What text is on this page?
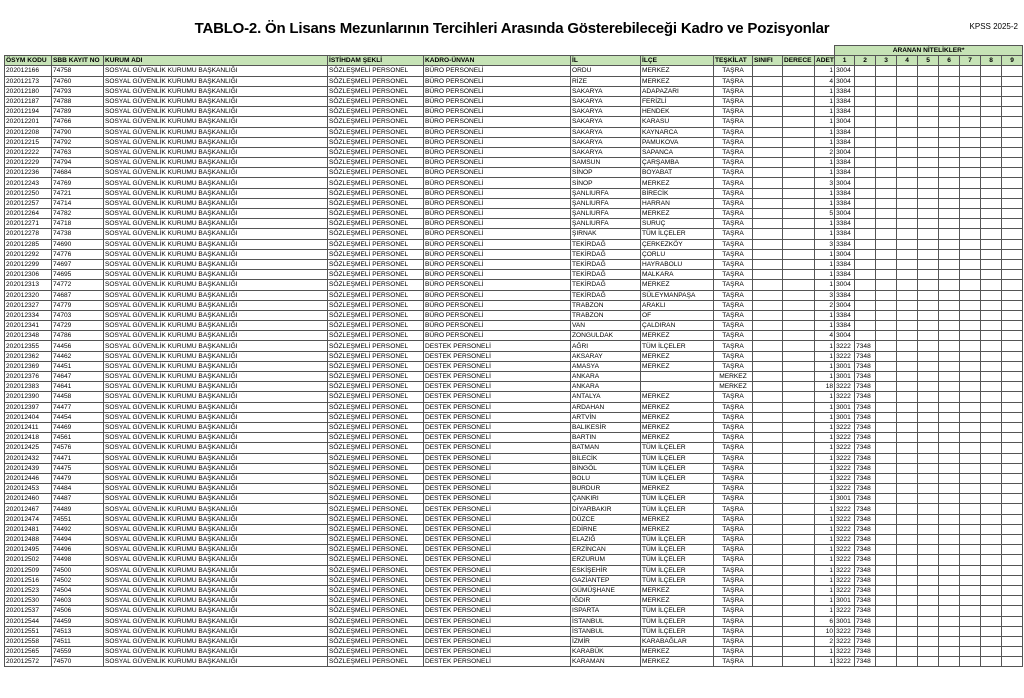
TABLO-2. Ön Lisans Mezunlarının Tercihleri Arasında Gösterebileceği Kadro ve Pozisyonlar	KPSS 2025-2
											ARANAN NİTELİKLER*								
ÖSYM KODU	SBB KAYIT NO	KURUM ADI	İSTİHDAM ŞEKLİ	KADRO-ÜNVAN	İL	İLÇE	TEŞKİLAT	SINIFI	DERECE	ADET	1	2	3	4	5	6	7	8	9
202012166	74758	SOSYAL GÜVENLİK KURUMU BAŞKANLIĞI	SÖZLEŞMELİ PERSONEL	BÜRO PERSONELİ	ORDU	MERKEZ	TAŞRA			1	3004								
202012173	74760	SOSYAL GÜVENLİK KURUMU BAŞKANLIĞI	SÖZLEŞMELİ PERSONEL	BÜRO PERSONELİ	RİZE	MERKEZ	TAŞRA			4	3004								
202012180	74793	SOSYAL GÜVENLİK KURUMU BAŞKANLIĞI	SÖZLEŞMELİ PERSONEL	BÜRO PERSONELİ	SAKARYA	ADAPAZARI	TAŞRA			1	3384								
202012187	74788	SOSYAL GÜVENLİK KURUMU BAŞKANLIĞI	SÖZLEŞMELİ PERSONEL	BÜRO PERSONELİ	SAKARYA	FERİZLİ	TAŞRA			1	3384								
202012194	74789	SOSYAL GÜVENLİK KURUMU BAŞKANLIĞI	SÖZLEŞMELİ PERSONEL	BÜRO PERSONELİ	SAKARYA	HENDEK	TAŞRA			1	3384								
202012201	74766	SOSYAL GÜVENLİK KURUMU BAŞKANLIĞI	SÖZLEŞMELİ PERSONEL	BÜRO PERSONELİ	SAKARYA	KARASU	TAŞRA			1	3004								
202012208	74790	SOSYAL GÜVENLİK KURUMU BAŞKANLIĞI	SÖZLEŞMELİ PERSONEL	BÜRO PERSONELİ	SAKARYA	KAYNARCA	TAŞRA			1	3384								
202012215	74792	SOSYAL GÜVENLİK KURUMU BAŞKANLIĞI	SÖZLEŞMELİ PERSONEL	BÜRO PERSONELİ	SAKARYA	PAMUKOVA	TAŞRA			1	3384								
202012222	74763	SOSYAL GÜVENLİK KURUMU BAŞKANLIĞI	SÖZLEŞMELİ PERSONEL	BÜRO PERSONELİ	SAKARYA	SAPANCA	TAŞRA			2	3004								
202012229	74794	SOSYAL GÜVENLİK KURUMU BAŞKANLIĞI	SÖZLEŞMELİ PERSONEL	BÜRO PERSONELİ	SAMSUN	ÇARŞAMBA	TAŞRA			1	3384								
202012236	74684	SOSYAL GÜVENLİK KURUMU BAŞKANLIĞI	SÖZLEŞMELİ PERSONEL	BÜRO PERSONELİ	SİNOP	BOYABAT	TAŞRA			1	3384								
202012243	74769	SOSYAL GÜVENLİK KURUMU BAŞKANLIĞI	SÖZLEŞMELİ PERSONEL	BÜRO PERSONELİ	SİNOP	MERKEZ	TAŞRA			3	3004								
202012250	74721	SOSYAL GÜVENLİK KURUMU BAŞKANLIĞI	SÖZLEŞMELİ PERSONEL	BÜRO PERSONELİ	ŞANLIURFA	BİRECİK	TAŞRA			1	3384								
202012257	74714	SOSYAL GÜVENLİK KURUMU BAŞKANLIĞI	SÖZLEŞMELİ PERSONEL	BÜRO PERSONELİ	ŞANLIURFA	HARRAN	TAŞRA			1	3384								
202012264	74782	SOSYAL GÜVENLİK KURUMU BAŞKANLIĞI	SÖZLEŞMELİ PERSONEL	BÜRO PERSONELİ	ŞANLIURFA	MERKEZ	TAŞRA			5	3004								
202012271	74718	SOSYAL GÜVENLİK KURUMU BAŞKANLIĞI	SÖZLEŞMELİ PERSONEL	BÜRO PERSONELİ	ŞANLIURFA	SURUÇ	TAŞRA			1	3384								
202012278	74738	SOSYAL GÜVENLİK KURUMU BAŞKANLIĞI	SÖZLEŞMELİ PERSONEL	BÜRO PERSONELİ	ŞIRNAK	TÜM İLÇELER	TAŞRA			1	3384								
202012285	74690	SOSYAL GÜVENLİK KURUMU BAŞKANLIĞI	SÖZLEŞMELİ PERSONEL	BÜRO PERSONELİ	TEKİRDAĞ	ÇERKEZKÖY	TAŞRA			3	3384								
202012292	74776	SOSYAL GÜVENLİK KURUMU BAŞKANLIĞI	SÖZLEŞMELİ PERSONEL	BÜRO PERSONELİ	TEKİRDAĞ	ÇORLU	TAŞRA			1	3004								
202012299	74697	SOSYAL GÜVENLİK KURUMU BAŞKANLIĞI	SÖZLEŞMELİ PERSONEL	BÜRO PERSONELİ	TEKİRDAĞ	HAYRABOLU	TAŞRA			1	3384								
202012306	74695	SOSYAL GÜVENLİK KURUMU BAŞKANLIĞI	SÖZLEŞMELİ PERSONEL	BÜRO PERSONELİ	TEKİRDAĞ	MALKARA	TAŞRA			1	3384								
202012313	74772	SOSYAL GÜVENLİK KURUMU BAŞKANLIĞI	SÖZLEŞMELİ PERSONEL	BÜRO PERSONELİ	TEKİRDAĞ	MERKEZ	TAŞRA			1	3004								
202012320	74687	SOSYAL GÜVENLİK KURUMU BAŞKANLIĞI	SÖZLEŞMELİ PERSONEL	BÜRO PERSONELİ	TEKİRDAĞ	SÜLEYMANPAŞA	TAŞRA			3	3384								
202012327	74779	SOSYAL GÜVENLİK KURUMU BAŞKANLIĞI	SÖZLEŞMELİ PERSONEL	BÜRO PERSONELİ	TRABZON	ARAKLI	TAŞRA			2	3004								
202012334	74703	SOSYAL GÜVENLİK KURUMU BAŞKANLIĞI	SÖZLEŞMELİ PERSONEL	BÜRO PERSONELİ	TRABZON	OF	TAŞRA			1	3384								
202012341	74729	SOSYAL GÜVENLİK KURUMU BAŞKANLIĞI	SÖZLEŞMELİ PERSONEL	BÜRO PERSONELİ	VAN	ÇALDIRAN	TAŞRA			1	3384								
202012348	74786	SOSYAL GÜVENLİK KURUMU BAŞKANLIĞI	SÖZLEŞMELİ PERSONEL	BÜRO PERSONELİ	ZONGULDAK	MERKEZ	TAŞRA			4	3004								
202012355	74456	SOSYAL GÜVENLİK KURUMU BAŞKANLIĞI	SÖZLEŞMELİ PERSONEL	DESTEK PERSONELİ	AĞRI	TÜM İLÇELER	TAŞRA			1	3222	7348							
202012362	74462	SOSYAL GÜVENLİK KURUMU BAŞKANLIĞI	SÖZLEŞMELİ PERSONEL	DESTEK PERSONELİ	AKSARAY	MERKEZ	TAŞRA			1	3222	7348							
202012369	74451	SOSYAL GÜVENLİK KURUMU BAŞKANLIĞI	SÖZLEŞMELİ PERSONEL	DESTEK PERSONELİ	AMASYA	MERKEZ	TAŞRA			1	3001	7348							
202012376	74647	SOSYAL GÜVENLİK KURUMU BAŞKANLIĞI	SÖZLEŞMELİ PERSONEL	DESTEK PERSONELİ	ANKARA		MERKEZ			1	3001	7348							
202012383	74641	SOSYAL GÜVENLİK KURUMU BAŞKANLIĞI	SÖZLEŞMELİ PERSONEL	DESTEK PERSONELİ	ANKARA		MERKEZ			18	3222	7348							
202012390	74458	SOSYAL GÜVENLİK KURUMU BAŞKANLIĞI	SÖZLEŞMELİ PERSONEL	DESTEK PERSONELİ	ANTALYA	MERKEZ	TAŞRA			1	3222	7348							
202012397	74477	SOSYAL GÜVENLİK KURUMU BAŞKANLIĞI	SÖZLEŞMELİ PERSONEL	DESTEK PERSONELİ	ARDAHAN	MERKEZ	TAŞRA			1	3001	7348							
202012404	74454	SOSYAL GÜVENLİK KURUMU BAŞKANLIĞI	SÖZLEŞMELİ PERSONEL	DESTEK PERSONELİ	ARTVİN	MERKEZ	TAŞRA			1	3001	7348							
202012411	74469	SOSYAL GÜVENLİK KURUMU BAŞKANLIĞI	SÖZLEŞMELİ PERSONEL	DESTEK PERSONELİ	BALIKESİR	MERKEZ	TAŞRA			1	3222	7348							
202012418	74561	SOSYAL GÜVENLİK KURUMU BAŞKANLIĞI	SÖZLEŞMELİ PERSONEL	DESTEK PERSONELİ	BARTIN	MERKEZ	TAŞRA			1	3222	7348							
202012425	74576	SOSYAL GÜVENLİK KURUMU BAŞKANLIĞI	SÖZLEŞMELİ PERSONEL	DESTEK PERSONELİ	BATMAN	TÜM İLÇELER	TAŞRA			1	3222	7348							
202012432	74471	SOSYAL GÜVENLİK KURUMU BAŞKANLIĞI	SÖZLEŞMELİ PERSONEL	DESTEK PERSONELİ	BİLECİK	TÜM İLÇELER	TAŞRA			1	3222	7348							
202012439	74475	SOSYAL GÜVENLİK KURUMU BAŞKANLIĞI	SÖZLEŞMELİ PERSONEL	DESTEK PERSONELİ	BİNGÖL	TÜM İLÇELER	TAŞRA			1	3222	7348							
202012446	74479	SOSYAL GÜVENLİK KURUMU BAŞKANLIĞI	SÖZLEŞMELİ PERSONEL	DESTEK PERSONELİ	BOLU	TÜM İLÇELER	TAŞRA			1	3222	7348							
202012453	74484	SOSYAL GÜVENLİK KURUMU BAŞKANLIĞI	SÖZLEŞMELİ PERSONEL	DESTEK PERSONELİ	BURDUR	MERKEZ	TAŞRA			1	3222	7348							
202012460	74487	SOSYAL GÜVENLİK KURUMU BAŞKANLIĞI	SÖZLEŞMELİ PERSONEL	DESTEK PERSONELİ	ÇANKIRI	TÜM İLÇELER	TAŞRA			1	3001	7348							
202012467	74489	SOSYAL GÜVENLİK KURUMU BAŞKANLIĞI	SÖZLEŞMELİ PERSONEL	DESTEK PERSONELİ	DİYARBAKIR	TÜM İLÇELER	TAŞRA			1	3222	7348							
202012474	74551	SOSYAL GÜVENLİK KURUMU BAŞKANLIĞI	SÖZLEŞMELİ PERSONEL	DESTEK PERSONELİ	DÜZCE	MERKEZ	TAŞRA			1	3222	7348							
202012481	74492	SOSYAL GÜVENLİK KURUMU BAŞKANLIĞI	SÖZLEŞMELİ PERSONEL	DESTEK PERSONELİ	EDİRNE	MERKEZ	TAŞRA			1	3222	7348							
202012488	74494	SOSYAL GÜVENLİK KURUMU BAŞKANLIĞI	SÖZLEŞMELİ PERSONEL	DESTEK PERSONELİ	ELAZIĞ	TÜM İLÇELER	TAŞRA			1	3222	7348							
202012495	74496	SOSYAL GÜVENLİK KURUMU BAŞKANLIĞI	SÖZLEŞMELİ PERSONEL	DESTEK PERSONELİ	ERZİNCAN	TÜM İLÇELER	TAŞRA			1	3222	7348							
202012502	74498	SOSYAL GÜVENLİK KURUMU BAŞKANLIĞI	SÖZLEŞMELİ PERSONEL	DESTEK PERSONELİ	ERZURUM	TÜM İLÇELER	TAŞRA			1	3222	7348							
202012509	74500	SOSYAL GÜVENLİK KURUMU BAŞKANLIĞI	SÖZLEŞMELİ PERSONEL	DESTEK PERSONELİ	ESKİŞEHİR	TÜM İLÇELER	TAŞRA			1	3222	7348							
202012516	74502	SOSYAL GÜVENLİK KURUMU BAŞKANLIĞI	SÖZLEŞMELİ PERSONEL	DESTEK PERSONELİ	GAZİANTEP	TÜM İLÇELER	TAŞRA			1	3222	7348							
202012523	74504	SOSYAL GÜVENLİK KURUMU BAŞKANLIĞI	SÖZLEŞMELİ PERSONEL	DESTEK PERSONELİ	GÜMÜŞHANE	MERKEZ	TAŞRA			1	3222	7348							
202012530	74603	SOSYAL GÜVENLİK KURUMU BAŞKANLIĞI	SÖZLEŞMELİ PERSONEL	DESTEK PERSONELİ	IĞDIR	MERKEZ	TAŞRA			1	3001	7348							
202012537	74506	SOSYAL GÜVENLİK KURUMU BAŞKANLIĞI	SÖZLEŞMELİ PERSONEL	DESTEK PERSONELİ	ISPARTA	TÜM İLÇELER	TAŞRA			1	3222	7348							
202012544	74459	SOSYAL GÜVENLİK KURUMU BAŞKANLIĞI	SÖZLEŞMELİ PERSONEL	DESTEK PERSONELİ	İSTANBUL	TÜM İLÇELER	TAŞRA			6	3001	7348							
202012551	74513	SOSYAL GÜVENLİK KURUMU BAŞKANLIĞI	SÖZLEŞMELİ PERSONEL	DESTEK PERSONELİ	İSTANBUL	TÜM İLÇELER	TAŞRA			10	3222	7348							
202012558	74511	SOSYAL GÜVENLİK KURUMU BAŞKANLIĞI	SÖZLEŞMELİ PERSONEL	DESTEK PERSONELİ	İZMİR	KARABAĞLAR	TAŞRA			2	3222	7348							
202012565	74559	SOSYAL GÜVENLİK KURUMU BAŞKANLIĞI	SÖZLEŞMELİ PERSONEL	DESTEK PERSONELİ	KARABÜK	MERKEZ	TAŞRA			1	3222	7348							
202012572	74570	SOSYAL GÜVENLİK KURUMU BAŞKANLIĞI	SÖZLEŞMELİ PERSONEL	DESTEK PERSONELİ	KARAMAN	MERKEZ	TAŞRA			1	3222	7348							
